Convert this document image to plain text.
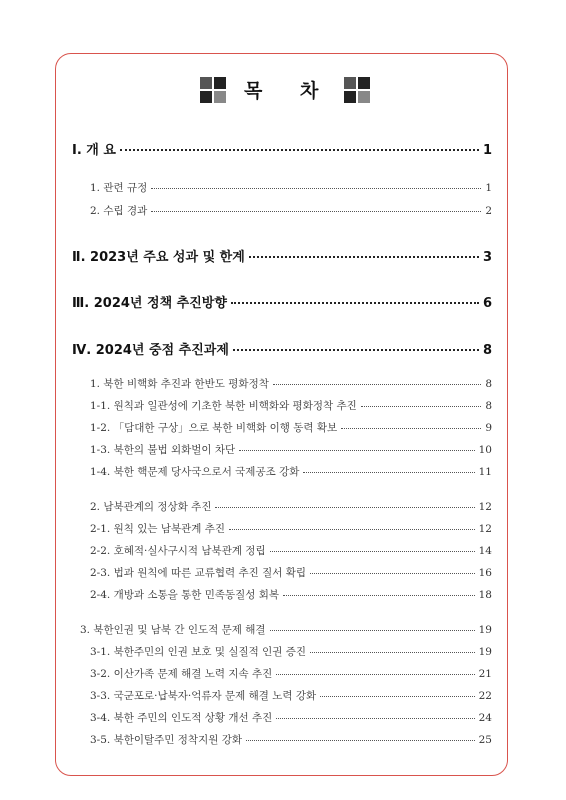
목 차
Ⅰ. 개 요	1
1. 관련 규정	1
2. 수립 경과	2
Ⅱ. 2023년 주요 성과 및 한계	3
Ⅲ. 2024년 정책 추진방향	6
Ⅳ. 2024년 중점 추진과제	8
1. 북한 비핵화 추진과 한반도 평화정착	8
1-1. 원칙과 일관성에 기초한 북한 비핵화와 평화정착 추진	8
1-2. 「담대한 구상」으로 북한 비핵화 이행 동력 확보	9
1-3. 북한의 불법 외화벌이 차단	10
1-4. 북한 핵문제 당사국으로서 국제공조 강화	11
2. 남북관계의 정상화 추진	12
2-1. 원칙 있는 남북관계 추진	12
2-2. 호혜적·실사구시적 남북관계 정립	14
2-3. 법과 원칙에 따른 교류협력 추진 질서 확립	16
2-4. 개방과 소통을 통한 민족동질성 회복	18
3. 북한인권 및 남북 간 인도적 문제 해결	19
3-1. 북한주민의 인권 보호 및 실질적 인권 증진	19
3-2. 이산가족 문제 해결 노력 지속 추진	21
3-3. 국군포로·납북자·억류자 문제 해결 노력 강화	22
3-4. 북한 주민의 인도적 상황 개선 추진	24
3-5. 북한이탈주민 정착지원 강화	25
